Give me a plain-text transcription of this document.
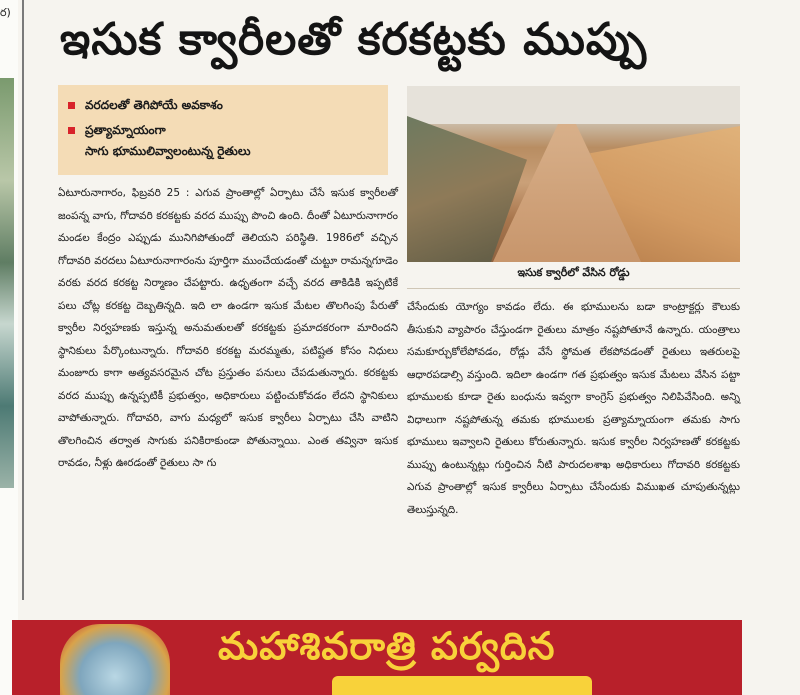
ర)
ఇసుక క్వారీలతో కరకట్టకు ముప్పు
వరదలతో తెగిపోయే అవకాశం
ప్రత్యామ్నాయంగా
సాగు భూములివ్వాలంటున్న రైతులు

ఏటూరునాగారం, ఫిబ్రవరి 25 : ఎగువ ప్రాంతాల్లో ఏర్పాటు చేసే ఇసుక క్వారీలతో జంపన్న వాగు, గోదావరి కరకట్టకు వరద ముప్పు పొంచి ఉంది. దీంతో ఏటూరునాగారం మండల కేంద్రం ఎప్పుడు మునిగిపోతుందో తెలియని పరిస్థితి. 1986లో వచ్చిన గోదావరి వరదలు ఏటూరునాగారంను పూర్తిగా ముంచేయడంతో చుట్టూ రామన్నగూడెం వరకు వరద కరకట్ట నిర్మాణం చేపట్టారు. ఉధృతంగా వచ్చే వరద తాకిడికి ఇప్పటికే పలు చోట్ల కరకట్ట దెబ్బతిన్నది. ఇది లా ఉండగా ఇసుక మేటల తొలగింపు పేరుతో క్వారీల నిర్వహణకు ఇస్తున్న అనుమతులతో కరకట్టకు ప్రమాదకరంగా మారిందని స్థానికులు పేర్కొంటున్నారు. గోదావరి కరకట్ట మరమ్మతు, పటిష్టత కోసం నిధులు మంజూరు కాగా అత్యవసరమైన చోట ప్రస్తుతం పనులు చేపడుతున్నారు. కరకట్టకు వరద ముప్పు ఉన్నప్పటికీ ప్రభుత్వం, అధికారులు పట్టించుకోవడం లేదని స్థానికులు వాపోతున్నారు. గోదావరి, వాగు మధ్యలో ఇసుక క్వారీలు ఏర్పాటు చేసి వాటిని తొలగించిన తర్వాత సాగుకు పనికిరాకుండా పోతున్నాయి. ఎంత తవ్వినా ఇసుక రావడం, నీళ్లు ఊరడంతో రైతులు సా గు

ఇసుక క్వారీలో వేసిన రోడ్డు

చేసేందుకు యోగ్యం కావడం లేదు. ఈ భూములను బడా కాంట్రాక్టర్లు కౌలుకు తీసుకుని వ్యాపారం చేస్తుండగా రైతులు మాత్రం నష్టపోతూనే ఉన్నారు. యంత్రాలు సమకూర్చుకోలేపోవడం, రోడ్లు వేసే స్థోమత లేకపోవడంతో రైతులు ఇతరులపై ఆధారపడాల్సి వస్తుంది. ఇదిలా ఉండగా గత ప్రభుత్వం ఇసుక మేటలు వేసిన పట్టా భూములకు కూడా రైతు బంధును ఇవ్వగా కాంగ్రెస్ ప్రభుత్వం నిలిపివేసింది. అన్ని విధాలుగా నష్టపోతున్న తమకు భూములకు ప్రత్యామ్నాయంగా తమకు సాగు భూములు ఇవ్వాలని రైతులు కోరుతున్నారు. ఇసుక క్వారీల నిర్వహణతో కరకట్టకు ముప్పు ఉంటున్నట్లు గుర్తించిన నీటి పారుదలశాఖ అధికారులు గోదావరి కరకట్టకు ఎగువ ప్రాంతాల్లో ఇసుక క్వారీలు ఏర్పాటు చేసేందుకు విముఖత చూపుతున్నట్లు తెలుస్తున్నది.

మహాశివరాత్రి పర్వదిన
